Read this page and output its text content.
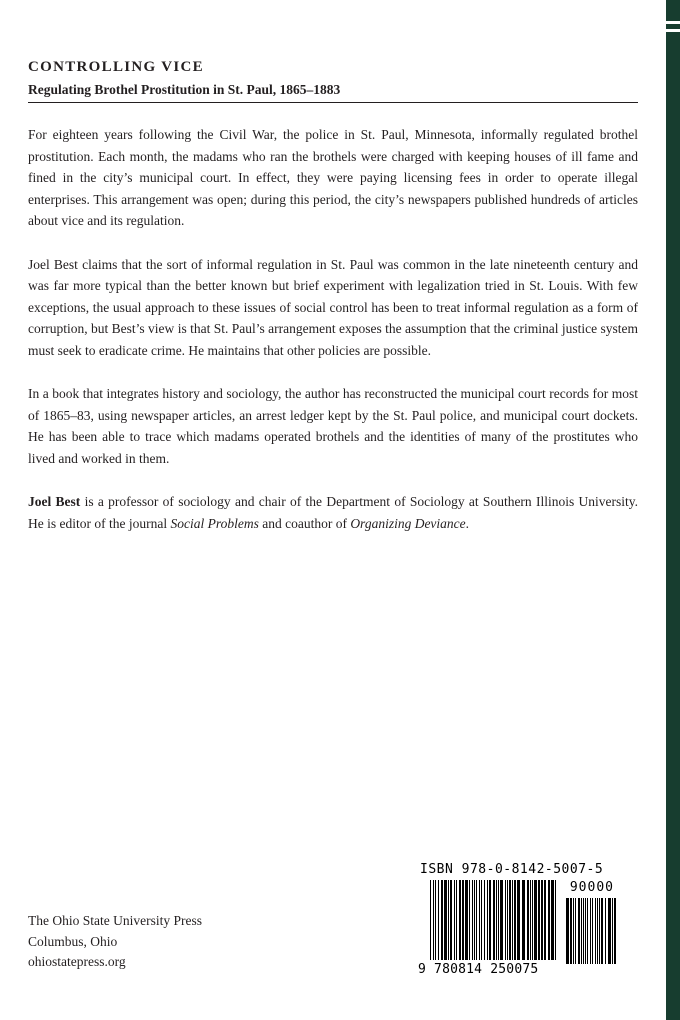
CONTROLLING VICE
Regulating Brothel Prostitution in St. Paul, 1865–1883

For eighteen years following the Civil War, the police in St. Paul, Minnesota, informally regulated brothel prostitution. Each month, the madams who ran the brothels were charged with keeping houses of ill fame and fined in the city’s municipal court. In effect, they were paying licensing fees in order to operate illegal enterprises. This arrangement was open; during this period, the city’s newspapers published hundreds of articles about vice and its regulation.

Joel Best claims that the sort of informal regulation in St. Paul was common in the late nineteenth century and was far more typical than the better known but brief experiment with legalization tried in St. Louis. With few exceptions, the usual approach to these issues of social control has been to treat informal regulation as a form of corruption, but Best’s view is that St. Paul’s arrangement exposes the assumption that the criminal justice system must seek to eradicate crime. He maintains that other policies are possible.

In a book that integrates history and sociology, the author has reconstructed the municipal court records for most of 1865–83, using newspaper articles, an arrest ledger kept by the St. Paul police, and municipal court dockets. He has been able to trace which madams operated brothels and the identities of many of the prostitutes who lived and worked in them.

Joel Best is a professor of sociology and chair of the Department of Sociology at Southern Illinois University. He is editor of the journal Social Problems and coauthor of Organizing Deviance.

The Ohio State University Press
Columbus, Ohio
ohiostatepress.org
ISBN 978-0-8142-5007-5
90000
9 780814 250075
